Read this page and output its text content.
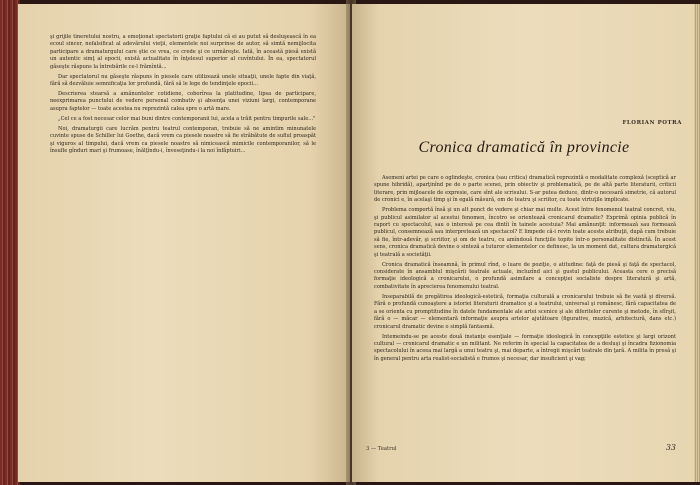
şi grijile tineretului nostru, a emoţionat spectatorii graţie faptului că ei au putut să desluşească în ea ecoul sincer, nefalsificat al adevărului vieţii, elementele noi surprinse de autor, să simtă nemijlocita participare a dramaturgului care ştie ce vrea, ce crede şi ce urmăreşte. Iată, în această piesă există un autentic simţ al epocii, există actualitate în înţelesul superior al cuvîntului. În ea, spectatorul găseşte răspuns la întrebările ce-l frămîntă...

Dar spectatorul nu găseşte răspuns în piesele care utilizează unele situaţii, unele fapte din viaţă, fără să dezvăluie semnificaţia lor profundă, fără să le lege de tendinţele epocii...

Descrierea stearsă a amănuntelor cotidiene, coborîrea la platitudine, lipsa de participare, neexprimarea punctului de vedere personal combativ şi absenţa unei viziuni largi, contemporane asupra faptelor — toate acestea nu reprezintă calea spre o artă mare.

„Cel ce a fost necesar celor mai buni dintre contemporanii lui, acela a trăit pentru timpurile sale..."

Noi, dramaturgii care lucrăm pentru teatrul contemporan, trebuie să ne amintim minunatele cuvinte spuse de Schiller lui Goethe, dacă vrem ca piesele noastre să fie străbătute de suflul proaspăt şi viguros al timpului, dacă vrem ca piesele noastre să nimicească mimicile contemporanilor, să le însufle gînduri mari şi frumoase, înălţîndu-i, înveseţindu-i la noi înfăptuiri...

FLORIAN POTRA
Cronica dramatică în provincie

Asemeni artei pe care o oglindeşte, cronica (sau critica) dramatică reprezintă o modalitate complexă (sceptică ar spune hibridă), aparţinînd pe de o parte scenei, prin obiectiv şi problematică, pe de altă parte literaturii, criticii literare, prin mijloacele de expresie, care sînt ale scrisului. S-ar putea deduce, dintr-o necesară simetrie, că autorul de cronici e, în acelaşi timp şi în egală măsură, om de teatru şi scriitor, cu toate virtuţile implicate.

Problema comportă însă şi un alt punct de vedere şi chiar mai multe. Acest între fenomenul teatral concret, viu, şi publicul asimilator al acestui fenomen, încotro se orientează cronicarul dramatic? Exprimă opinia publică în raport cu spectacolul, sau o interesă pe cea dintîi în tainele acestuia? Mai amănunţit: informează sau formează publicul, consemnează sau interpretează un spectacol? E limpede că-i revin toate aceste atribuţii, după cum trebuie să fie, într-adevăr, şi scriitor, şi om de teatru, cu amîndouă funcţiile topite într-o personalitate distinctă. În acest sens, cronica dramatică devine o sinteză a tuturor elementelor ce definesc, la un moment dat, cultura dramaturgică şi teatrală a societăţii.

Cronica dramatică înseamnă, în primul rînd, o luare de poziţie, o atitudine: faţă de piesă şi faţă de spectacol, considerate în ansamblul mişcării teatrale actuale, incluzînd aici şi gustul publicului. Aceasta cere o precisă formaţie ideologică a cronicarului, o profundă asimilare a concepţiei socialiste despre literatură şi artă, combativitate în aprecierea fenomenului teatral.

Inseparabilă de pregătirea ideologică-estetică, formaţia culturală a cronicarului trebuie să fie vastă şi diversă. Fără o profundă cunoaştere a istoriei literaturii dramatice şi a teatrului, universal şi românesc, fără capacitatea de a se orienta cu promptitudine în datele fundamentale ale artei scenice şi ale diferitelor curente şi metode, în sfîrşit, fără o — măcar — elementară informaţie asupra artelor ajutătoare (figurative, muzică, arhitectură, dans etc.) cronicarul dramatic devine o simplă fantasmă.

Intemeindu-se pe aceste două instanţe esenţiale — formaţie ideologică în concepţiile estetice şi largi orizont cultural — cronicarul dramatic e un militant. Ne referim în special la capacitatea de a desluşi şi încadra fizionomia spectacolului în aceea mai largă a unui teatru şi, mai departe, a întregii mişcări teatrale din ţară. A milita în presă şi în general pentru arta realist-socialistă e frumos şi necesar, dar insuficient şi vag;

3 — Teatrul	33
